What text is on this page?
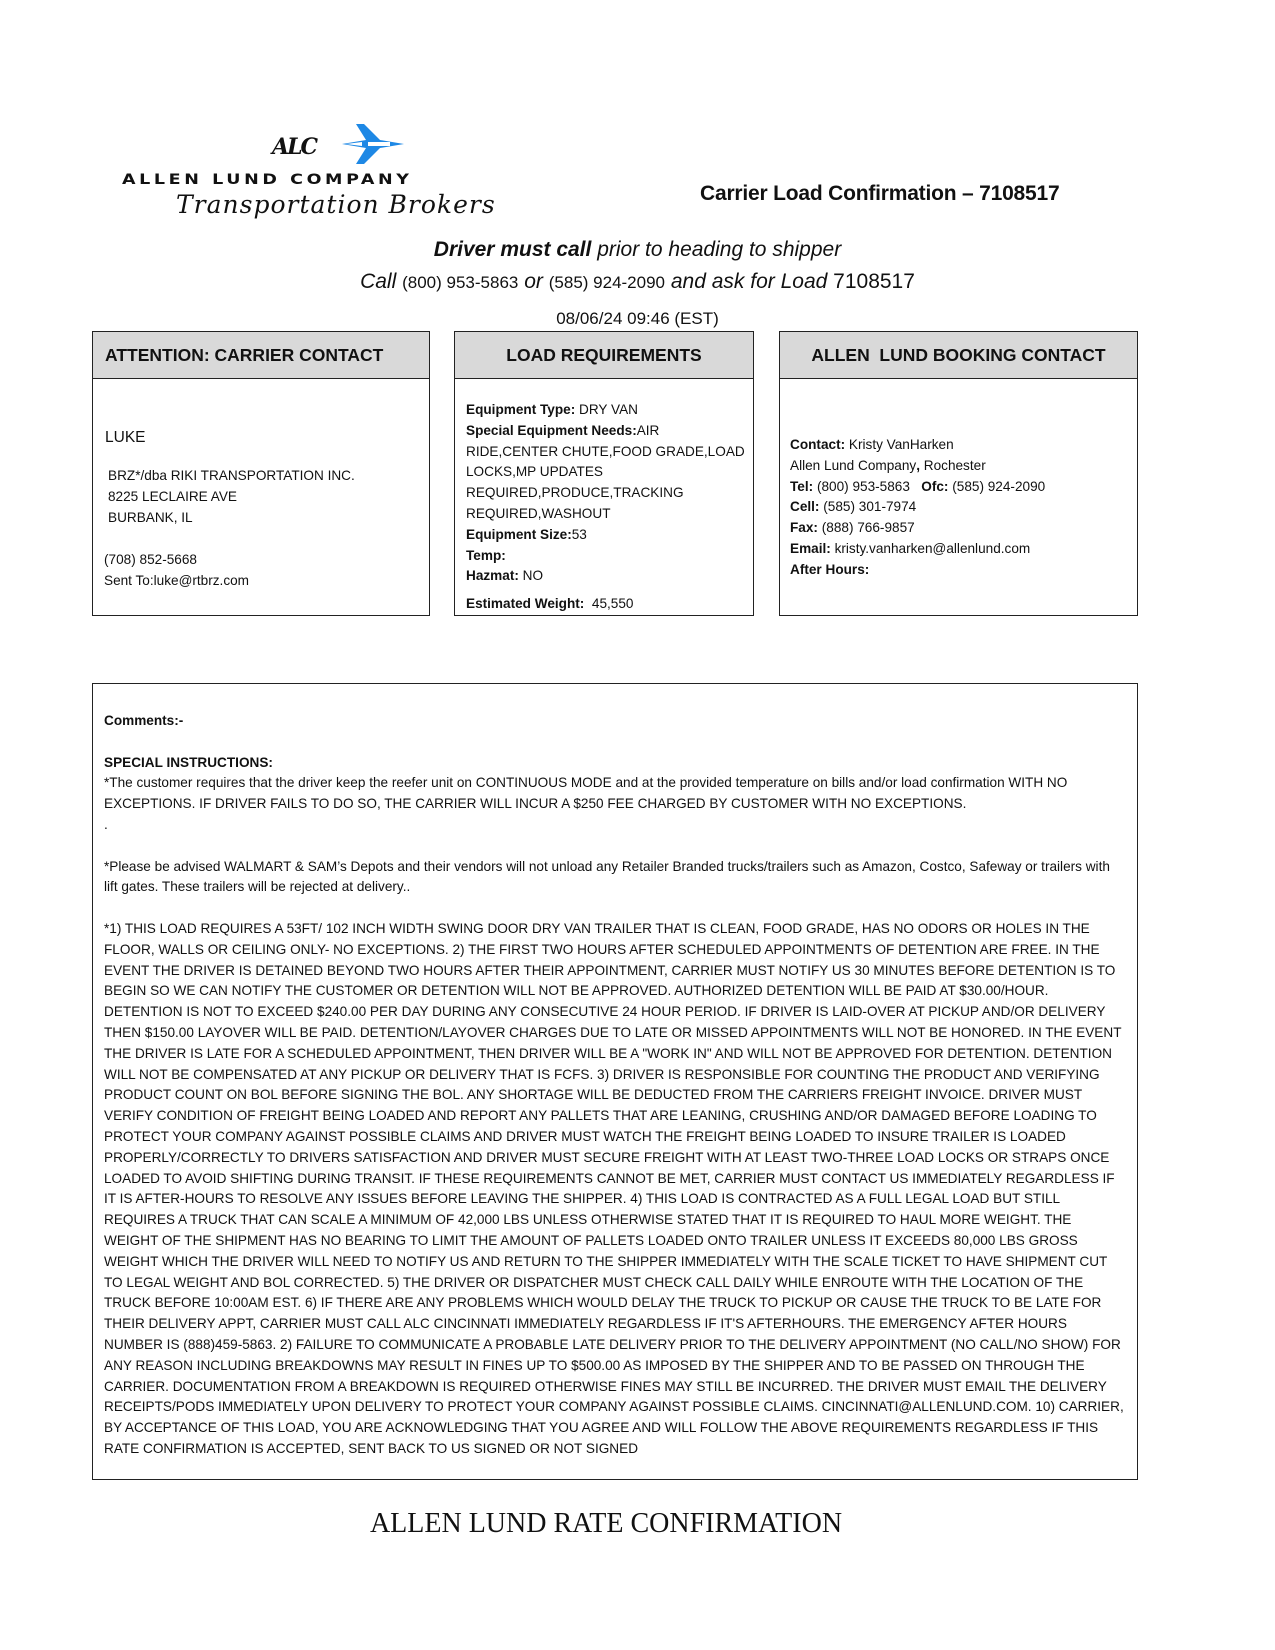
ALC
ALLEN LUND COMPANY
Transportation Brokers	Carrier Load Confirmation – 7108517
Driver must call prior to heading to shipper
Call (800) 953-5863 or (585) 924-2090 and ask for Load 7108517
08/06/24 09:46 (EST)
ATTENTION: CARRIER CONTACT
LUKE
BRZ*/dba RIKI TRANSPORTATION INC.
8225 LECLAIRE AVE
BURBANK, IL
(708) 852-5668
Sent To:luke@rtbrz.com
LOAD REQUIREMENTS
Equipment Type: DRY VAN
Special Equipment Needs:AIR RIDE,CENTER CHUTE,FOOD GRADE,LOAD LOCKS,MP UPDATES REQUIRED,PRODUCE,TRACKING REQUIRED,WASHOUT
Equipment Size:53
Temp:
Hazmat: NO
Estimated Weight: 45,550
ALLEN  LUND BOOKING CONTACT
Contact: Kristy VanHarken
Allen Lund Company, Rochester
Tel: (800) 953-5863 Ofc: (585) 924-2090
Cell: (585) 301-7974
Fax: (888) 766-9857
Email: kristy.vanharken@allenlund.com
After Hours:

Comments:-

SPECIAL INSTRUCTIONS:

*The customer requires that the driver keep the reefer unit on CONTINUOUS MODE and at the provided temperature on bills and/or load confirmation WITH NO EXCEPTIONS. IF DRIVER FAILS TO DO SO, THE CARRIER WILL INCUR A $250 FEE CHARGED BY CUSTOMER WITH NO EXCEPTIONS.

.

*Please be advised WALMART & SAM’s Depots and their vendors will not unload any Retailer Branded trucks/trailers such as Amazon, Costco, Safeway or trailers with lift gates. These trailers will be rejected at delivery..

*1) THIS LOAD REQUIRES A 53FT/ 102 INCH WIDTH SWING DOOR DRY VAN TRAILER THAT IS CLEAN, FOOD GRADE, HAS NO ODORS OR HOLES IN THE FLOOR, WALLS OR CEILING ONLY- NO EXCEPTIONS. 2) THE FIRST TWO HOURS AFTER SCHEDULED APPOINTMENTS OF DETENTION ARE FREE. IN THE EVENT THE DRIVER IS DETAINED BEYOND TWO HOURS AFTER THEIR APPOINTMENT, CARRIER MUST NOTIFY US 30 MINUTES BEFORE DETENTION IS TO BEGIN SO WE CAN NOTIFY THE CUSTOMER OR DETENTION WILL NOT BE APPROVED. AUTHORIZED DETENTION WILL BE PAID AT $30.00/HOUR. DETENTION IS NOT TO EXCEED $240.00 PER DAY DURING ANY CONSECUTIVE 24 HOUR PERIOD. IF DRIVER IS LAID-OVER AT PICKUP AND/OR DELIVERY THEN $150.00 LAYOVER WILL BE PAID. DETENTION/LAYOVER CHARGES DUE TO LATE OR MISSED APPOINTMENTS WILL NOT BE HONORED. IN THE EVENT THE DRIVER IS LATE FOR A SCHEDULED APPOINTMENT, THEN DRIVER WILL BE A "WORK IN" AND WILL NOT BE APPROVED FOR DETENTION. DETENTION WILL NOT BE COMPENSATED AT ANY PICKUP OR DELIVERY THAT IS FCFS. 3) DRIVER IS RESPONSIBLE FOR COUNTING THE PRODUCT AND VERIFYING PRODUCT COUNT ON BOL BEFORE SIGNING THE BOL. ANY SHORTAGE WILL BE DEDUCTED FROM THE CARRIERS FREIGHT INVOICE. DRIVER MUST VERIFY CONDITION OF FREIGHT BEING LOADED AND REPORT ANY PALLETS THAT ARE LEANING, CRUSHING AND/OR DAMAGED BEFORE LOADING TO PROTECT YOUR COMPANY AGAINST POSSIBLE CLAIMS AND DRIVER MUST WATCH THE FREIGHT BEING LOADED TO INSURE TRAILER IS LOADED PROPERLY/CORRECTLY TO DRIVERS SATISFACTION AND DRIVER MUST SECURE FREIGHT WITH AT LEAST TWO-THREE LOAD LOCKS OR STRAPS ONCE LOADED TO AVOID SHIFTING DURING TRANSIT. IF THESE REQUIREMENTS CANNOT BE MET, CARRIER MUST CONTACT US IMMEDIATELY REGARDLESS IF IT IS AFTER-HOURS TO RESOLVE ANY ISSUES BEFORE LEAVING THE SHIPPER. 4) THIS LOAD IS CONTRACTED AS A FULL LEGAL LOAD BUT STILL REQUIRES A TRUCK THAT CAN SCALE A MINIMUM OF 42,000 LBS UNLESS OTHERWISE STATED THAT IT IS REQUIRED TO HAUL MORE WEIGHT. THE WEIGHT OF THE SHIPMENT HAS NO BEARING TO LIMIT THE AMOUNT OF PALLETS LOADED ONTO TRAILER UNLESS IT EXCEEDS 80,000 LBS GROSS WEIGHT WHICH THE DRIVER WILL NEED TO NOTIFY US AND RETURN TO THE SHIPPER IMMEDIATELY WITH THE SCALE TICKET TO HAVE SHIPMENT CUT TO LEGAL WEIGHT AND BOL CORRECTED. 5) THE DRIVER OR DISPATCHER MUST CHECK CALL DAILY WHILE ENROUTE WITH THE LOCATION OF THE TRUCK BEFORE 10:00AM EST. 6) IF THERE ARE ANY PROBLEMS WHICH WOULD DELAY THE TRUCK TO PICKUP OR CAUSE THE TRUCK TO BE LATE FOR THEIR DELIVERY APPT, CARRIER MUST CALL ALC CINCINNATI IMMEDIATELY REGARDLESS IF IT'S AFTERHOURS. THE EMERGENCY AFTER HOURS NUMBER IS (888)459-5863. 2) FAILURE TO COMMUNICATE A PROBABLE LATE DELIVERY PRIOR TO THE DELIVERY APPOINTMENT (NO CALL/NO SHOW) FOR ANY REASON INCLUDING BREAKDOWNS MAY RESULT IN FINES UP TO $500.00 AS IMPOSED BY THE SHIPPER AND TO BE PASSED ON THROUGH THE CARRIER. DOCUMENTATION FROM A BREAKDOWN IS REQUIRED OTHERWISE FINES MAY STILL BE INCURRED. THE DRIVER MUST EMAIL THE DELIVERY RECEIPTS/PODS IMMEDIATELY UPON DELIVERY TO PROTECT YOUR COMPANY AGAINST POSSIBLE CLAIMS. CINCINNATI@ALLENLUND.COM. 10) CARRIER, BY ACCEPTANCE OF THIS LOAD, YOU ARE ACKNOWLEDGING THAT YOU AGREE AND WILL FOLLOW THE ABOVE REQUIREMENTS REGARDLESS IF THIS RATE CONFIRMATION IS ACCEPTED, SENT BACK TO US SIGNED OR NOT SIGNED

ALLEN LUND RATE CONFIRMATION
